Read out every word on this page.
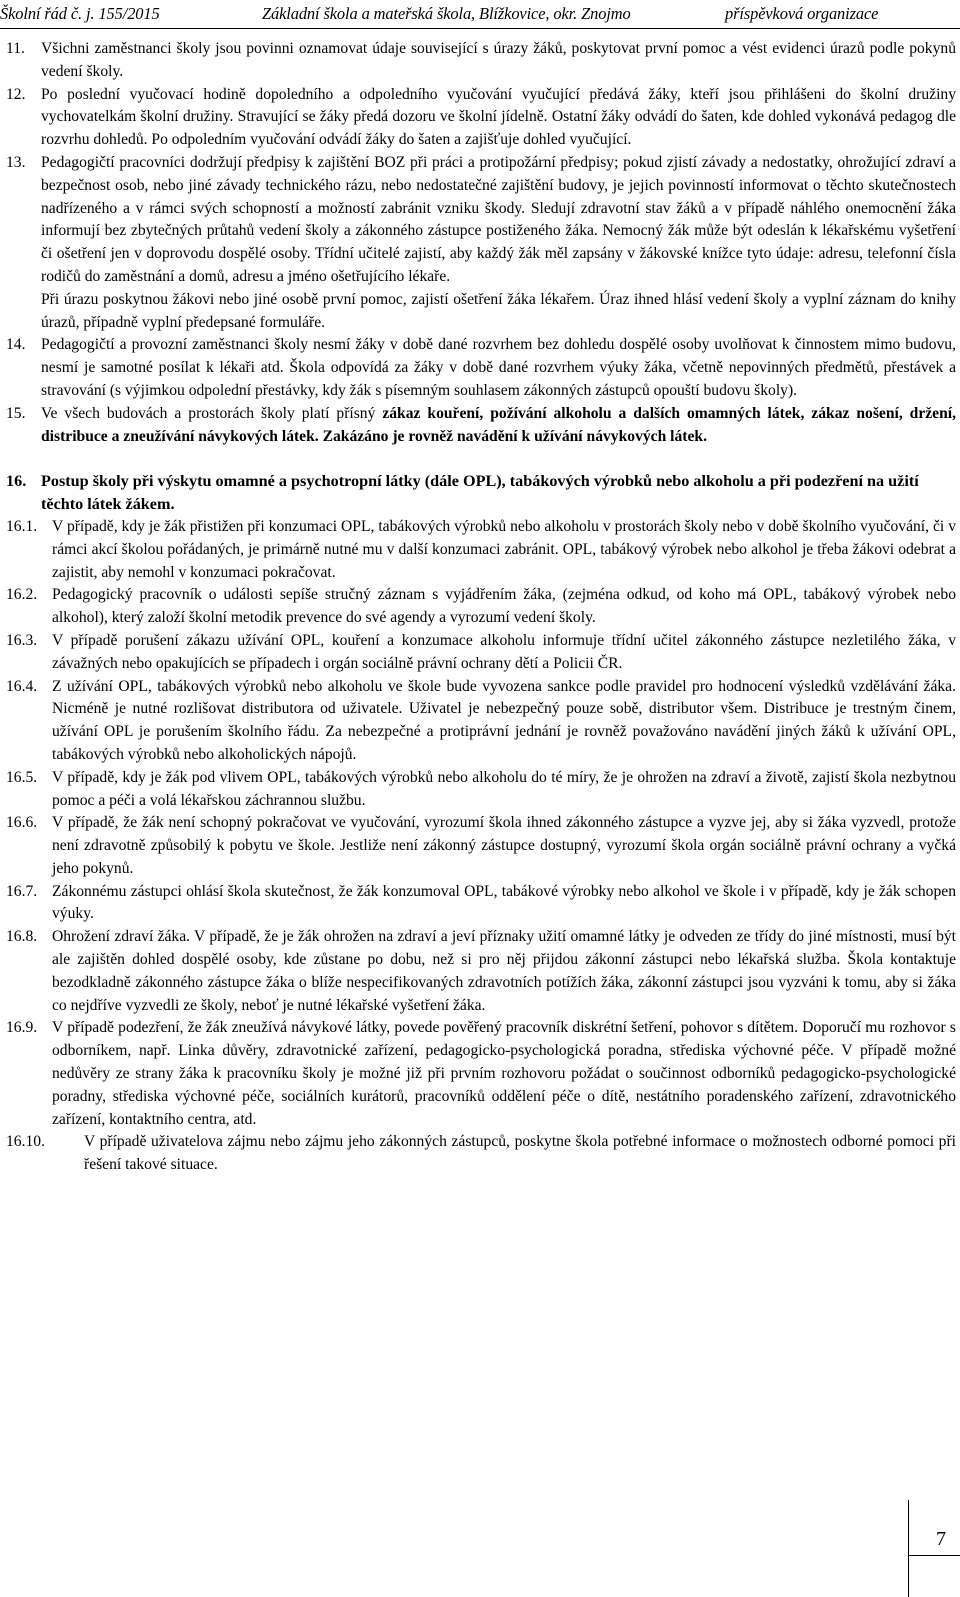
Školní řád č. j. 155/2015	Základní škola a mateřská škola, Blížkovice, okr. Znojmo	příspěvková organizace
11.	Všichni zaměstnanci školy jsou povinni oznamovat údaje související s úrazy žáků, poskytovat první pomoc a vést evidenci úrazů podle pokynů vedení školy.
12. Po poslední vyučovací hodině dopoledního a odpoledního vyučování vyučující předává žáky, kteří jsou přihlášeni do školní družiny vychovatelkám školní družiny. Stravující se žáky předá dozoru ve školní jídelně. Ostatní žáky odvádí do šaten, kde dohled vykonává pedagog dle rozvrhu dohledů. Po odpoledním vyučování odvádí žáky do šaten a zajišťuje dohled vyučující.
13. Pedagogičtí pracovníci dodržují předpisy k zajištění BOZ při práci a protipožární předpisy; pokud zjistí závady a nedostatky, ohrožující zdraví a bezpečnost osob, nebo jiné závady technického rázu, nebo nedostatečné zajištění budovy, je jejich povinností informovat o těchto skutečnostech nadřízeného a v rámci svých schopností a možností zabránit vzniku škody. Sledují zdravotní stav žáků a v případě náhlého onemocnění žáka informují bez zbytečných průtahů vedení školy a zákonného zástupce postiženého žáka. Nemocný žák může být odeslán k lékařskému vyšetření či ošetření jen v doprovodu dospělé osoby. Třídní učitelé zajistí, aby každý žák měl zapsány v žákovské knížce tyto údaje: adresu, telefonní čísla rodičů do zaměstnání a domů, adresu a jméno ošetřujícího lékaře.

Při úrazu poskytnou žákovi nebo jiné osobě první pomoc, zajistí ošetření žáka lékařem. Úraz ihned hlásí vedení školy a vyplní záznam do knihy úrazů, případně vyplní předepsané formuláře.

14. Pedagogičtí a provozní zaměstnanci školy nesmí žáky v době dané rozvrhem bez dohledu dospělé osoby uvolňovat k činnostem mimo budovu, nesmí je samotné posílat k lékaři atd. Škola odpovídá za žáky v době dané rozvrhem výuky žáka, včetně nepovinných předmětů, přestávek a stravování (s výjimkou odpolední přestávky, kdy žák s písemným souhlasem zákonných zástupců opouští budovu školy).
15. Ve všech budovách a prostorách školy platí přísný zákaz kouření, požívání alkoholu a dalších omamných látek, zákaz nošení, držení, distribuce a zneužívání návykových látek. Zakázáno je rovněž navádění k užívání návykových látek.
16. Postup školy při výskytu omamné a psychotropní látky (dále OPL), tabákových výrobků nebo alkoholu a při podezření na užití těchto látek žákem.
16.1. V případě, kdy je žák přistižen při konzumaci OPL, tabákových výrobků nebo alkoholu v prostorách školy nebo v době školního vyučování, či v rámci akcí školou pořádaných, je primárně nutné mu v další konzumaci zabránit. OPL, tabákový výrobek nebo alkohol je třeba žákovi odebrat a zajistit, aby nemohl v konzumaci pokračovat.
16.2. Pedagogický pracovník o události sepíše stručný záznam s vyjádřením žáka, (zejména odkud, od koho má OPL, tabákový výrobek nebo alkohol), který založí školní metodik prevence do své agendy a vyrozumí vedení školy.
16.3. V případě porušení zákazu užívání OPL, kouření a konzumace alkoholu informuje třídní učitel zákonného zástupce nezletilého žáka, v závažných nebo opakujících se případech i orgán sociálně právní ochrany dětí a Policii ČR.
16.4. Z užívání OPL, tabákových výrobků nebo alkoholu ve škole bude vyvozena sankce podle pravidel pro hodnocení výsledků vzdělávání žáka. Nicméně je nutné rozlišovat distributora od uživatele. Uživatel je nebezpečný pouze sobě, distributor všem. Distribuce je trestným činem, užívání OPL je porušením školního řádu. Za nebezpečné a protiprávní jednání je rovněž považováno navádění jiných žáků k užívání OPL, tabákových výrobků nebo alkoholických nápojů.
16.5. V případě, kdy je žák pod vlivem OPL, tabákových výrobků nebo alkoholu do té míry, že je ohrožen na zdraví a životě, zajistí škola nezbytnou pomoc a péči a volá lékařskou záchrannou službu.
16.6. V případě, že žák není schopný pokračovat ve vyučování, vyrozumí škola ihned zákonného zástupce a vyzve jej, aby si žáka vyzvedl, protože není zdravotně způsobilý k pobytu ve škole. Jestliže není zákonný zástupce dostupný, vyrozumí škola orgán sociálně právní ochrany a vyčká jeho pokynů.
16.7. Zákonnému zástupci ohlásí škola skutečnost, že žák konzumoval OPL, tabákové výrobky nebo alkohol ve škole i v případě, kdy je žák schopen výuky.
16.8. Ohrožení zdraví žáka. V případě, že je žák ohrožen na zdraví a jeví příznaky užití omamné látky je odveden ze třídy do jiné místnosti, musí být ale zajištěn dohled dospělé osoby, kde zůstane po dobu, než si pro něj přijdou zákonní zástupci nebo lékařská služba. Škola kontaktuje bezodkladně zákonného zástupce žáka o blíže nespecifikovaných zdravotních potížích žáka, zákonní zástupci jsou vyzváni k tomu, aby si žáka co nejdříve vyzvedli ze školy, neboť je nutné lékařské vyšetření žáka.
16.9. V případě podezření, že žák zneužívá návykové látky, povede pověřený pracovník diskrétní šetření, pohovor s dítětem. Doporučí mu rozhovor s odborníkem, např. Linka důvěry, zdravotnické zařízení, pedagogicko-psychologická poradna, střediska výchovné péče. V případě možné nedůvěry ze strany žáka k pracovníku školy je možné již při prvním rozhovoru požádat o součinnost odborníků pedagogicko-psychologické poradny, střediska výchovné péče, sociálních kurátorů, pracovníků oddělení péče o dítě, nestátního poradenského zařízení, zdravotnického zařízení, kontaktního centra, atd.
16.10.	V případě uživatelova zájmu nebo zájmu jeho zákonných zástupců, poskytne škola potřebné informace o možnostech odborné pomoci při řešení takové situace.
7
